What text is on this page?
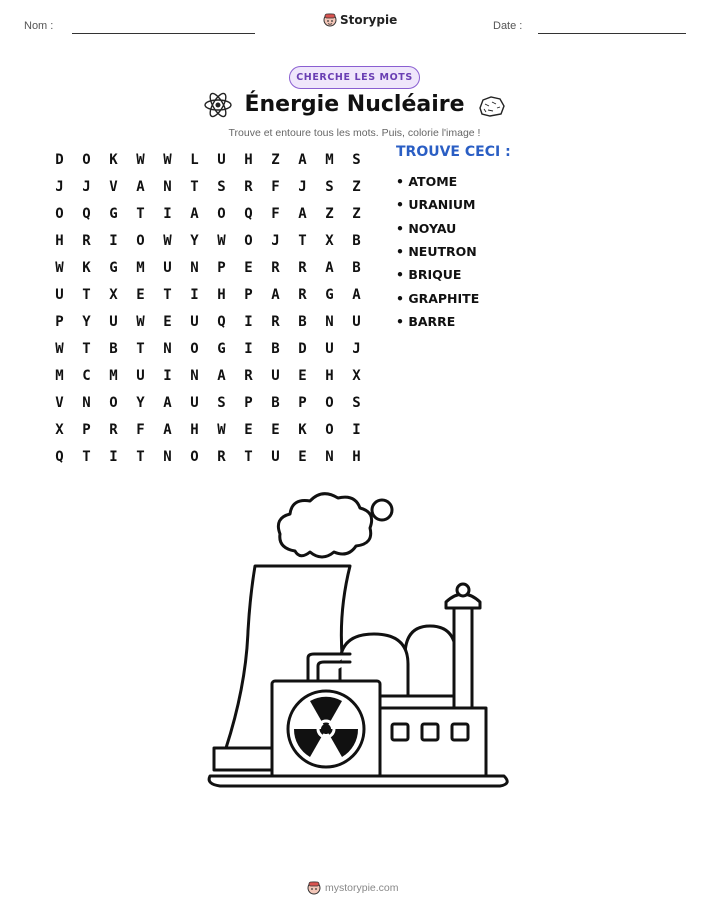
Nom :	Storypie	Date :
CHERCHE LES MOTS
Énergie Nucléaire
Trouve et entoure tous les mots. Puis, colorie l'image !
D	O	K	W	W	L	U	H	Z	A	M	S
J	J	V	A	N	T	S	R	F	J	S	Z
O	Q	G	T	I	A	O	Q	F	A	Z	Z
H	R	I	O	W	Y	W	O	J	T	X	B
W	K	G	M	U	N	P	E	R	R	A	B
U	T	X	E	T	I	H	P	A	R	G	A
P	Y	U	W	E	U	Q	I	R	B	N	U
W	T	B	T	N	O	G	I	B	D	U	J
M	C	M	U	I	N	A	R	U	E	H	X
V	N	O	Y	A	U	S	P	B	P	O	S
X	P	R	F	A	H	W	E	E	K	O	I
Q	T	I	T	N	O	R	T	U	E	N	H
TROUVE CECI :
• ATOME
• URANIUM
• NOYAU
• NEUTRON
• BRIQUE
• GRAPHITE
• BARRE
mystorypie.com
